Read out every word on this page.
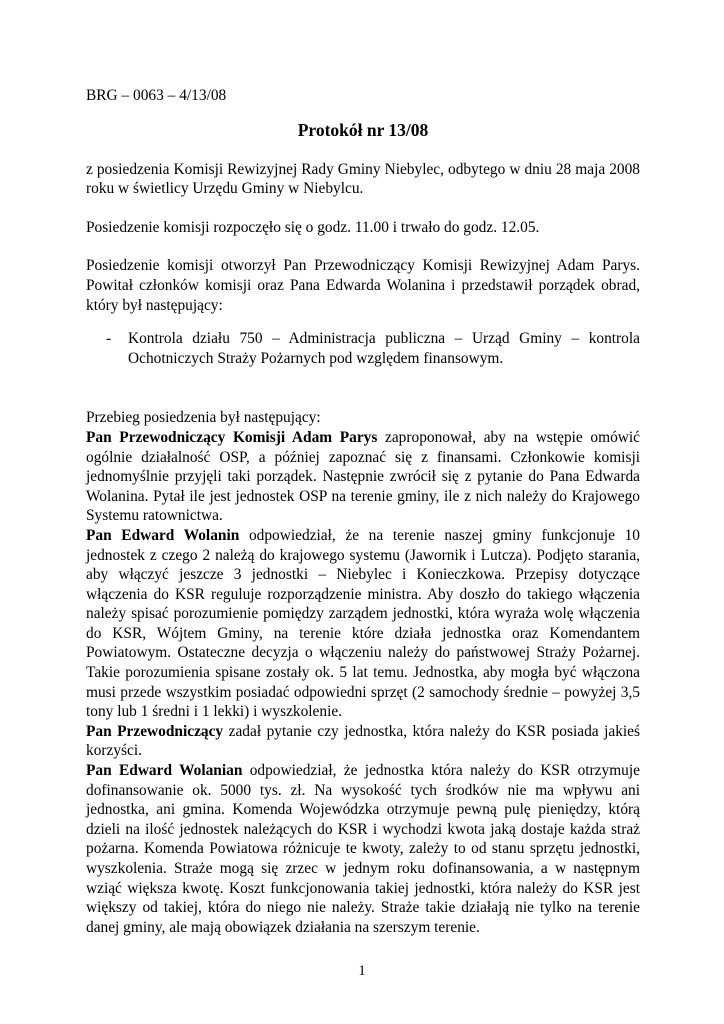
BRG – 0063 – 4/13/08
Protokół nr 13/08

z posiedzenia Komisji Rewizyjnej Rady Gminy Niebylec, odbytego w dniu 28 maja 2008 roku w świetlicy Urzędu Gminy w Niebylcu.

Posiedzenie komisji rozpoczęło się o godz. 11.00 i trwało do godz. 12.05.

Posiedzenie komisji otworzył Pan Przewodniczący Komisji Rewizyjnej Adam Parys. Powitał członków komisji oraz Pana Edwarda Wolanina i przedstawił porządek obrad, który był następujący:

-	Kontrola działu 750 – Administracja publiczna – Urząd Gminy – kontrola Ochotniczych Straży Pożarnych pod względem finansowym.

Przebieg posiedzenia był następujący:

Pan Przewodniczący Komisji Adam Parys zaproponował, aby na wstępie omówić ogólnie działalność OSP, a później zapoznać się z finansami. Członkowie komisji jednomyślnie przyjęli taki porządek. Następnie zwrócił się z pytanie do Pana Edwarda Wolanina. Pytał ile jest jednostek OSP na terenie gminy, ile z nich należy do Krajowego Systemu ratownictwa.

Pan Edward Wolanin odpowiedział, że na terenie naszej gminy funkcjonuje 10 jednostek z czego 2 należą do krajowego systemu (Jawornik i Lutcza). Podjęto starania, aby włączyć jeszcze 3 jednostki – Niebylec i Konieczkowa. Przepisy dotyczące włączenia do KSR reguluje rozporządzenie ministra. Aby doszło do takiego włączenia należy spisać porozumienie pomiędzy zarządem jednostki, która wyraża wolę włączenia do KSR, Wójtem Gminy, na terenie które działa jednostka oraz Komendantem Powiatowym. Ostateczne decyzja o włączeniu należy do państwowej Straży Pożarnej. Takie porozumienia spisane zostały ok. 5 lat temu. Jednostka, aby mogła być włączona musi przede wszystkim posiadać odpowiedni sprzęt (2 samochody średnie – powyżej 3,5 tony lub 1 średni i 1 lekki) i wyszkolenie.

Pan Przewodniczący zadał pytanie czy jednostka, która należy do KSR posiada jakieś korzyści.

Pan Edward Wolanian odpowiedział, że jednostka która należy do KSR otrzymuje dofinansowanie ok. 5000 tys. zł. Na wysokość tych środków nie ma wpływu ani jednostka, ani gmina. Komenda Wojewódzka otrzymuje pewną pulę pieniędzy, którą dzieli na ilość jednostek należących do KSR i wychodzi kwota jaką dostaje każda straż pożarna. Komenda Powiatowa różnicuje te kwoty, zależy to od stanu sprzętu jednostki, wyszkolenia. Straże mogą się zrzec w jednym roku dofinansowania, a w następnym wziąć większa kwotę. Koszt funkcjonowania takiej jednostki, która należy do KSR jest większy od takiej, która do niego nie należy. Straże takie działają nie tylko na terenie danej gminy, ale mają obowiązek działania na szerszym terenie.

1
